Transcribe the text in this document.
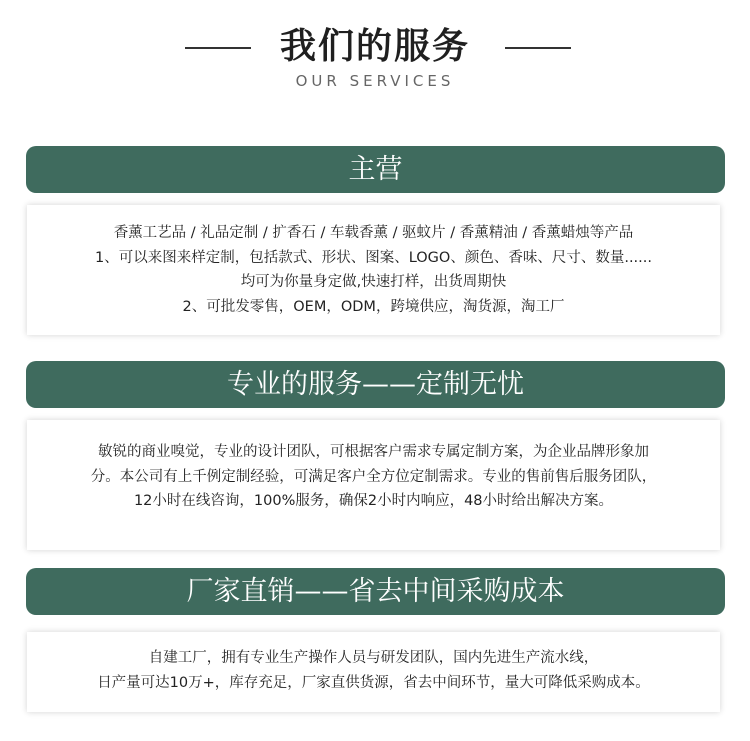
我们的服务
OUR SERVICES
主营
香薰工艺品 / 礼品定制 / 扩香石 / 车载香薰 / 驱蚊片 / 香薰精油 / 香薰蜡烛等产品
1、可以来图来样定制，包括款式、形状、图案、LOGO、颜色、香味、尺寸、数量......
均可为你量身定做,快速打样，出货周期快
2、可批发零售，OEM，ODM，跨境供应，淘货源，淘工厂
专业的服务——定制无忧
敏锐的商业嗅觉，专业的设计团队，可根据客户需求专属定制方案，为企业品牌形象加
分。本公司有上千例定制经验，可满足客户全方位定制需求。专业的售前售后服务团队，
12小时在线咨询，100%服务，确保2小时内响应，48小时给出解决方案。
厂家直销——省去中间采购成本
自建工厂，拥有专业生产操作人员与研发团队，国内先进生产流水线，
日产量可达10万+，库存充足，厂家直供货源，省去中间环节，量大可降低采购成本。
